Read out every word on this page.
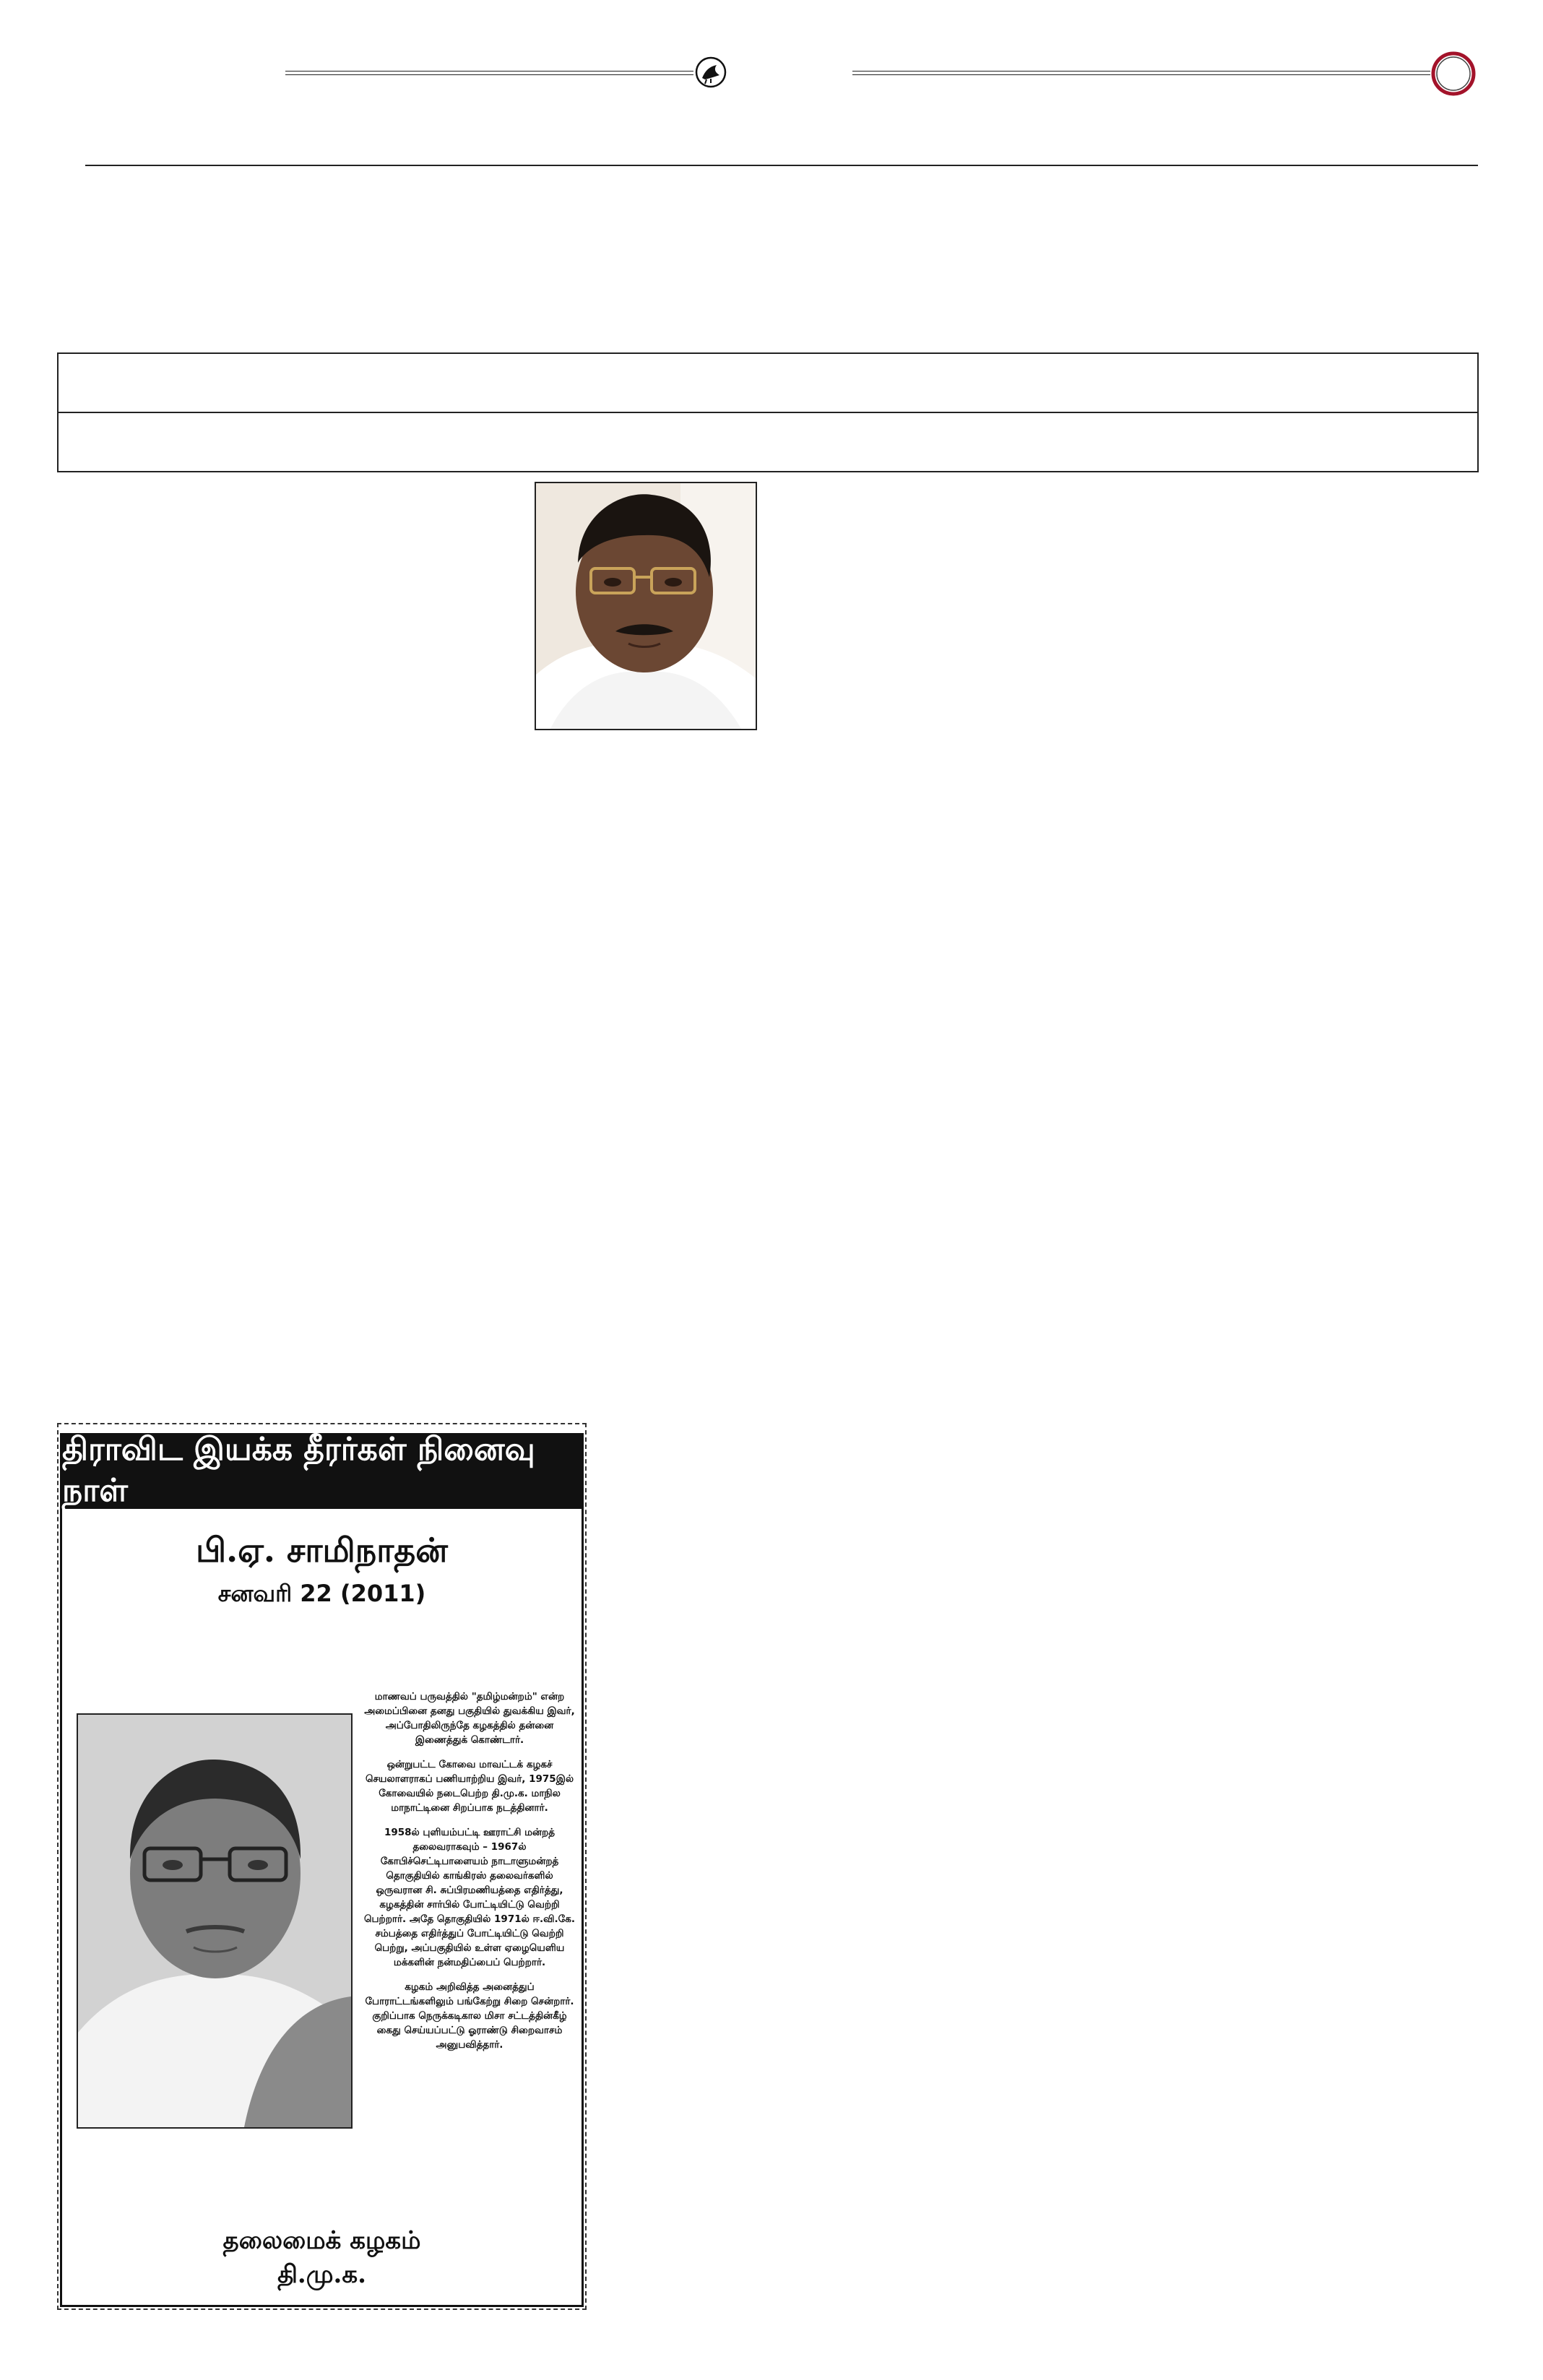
திராவிட இயக்க தீரர்கள் நினைவு நாள்
பி.ஏ. சாமிநாதன்
சனவரி 22 (2011)

மாணவப் பருவத்தில் "தமிழ்மன்றம்" என்ற அமைப்பினை தனது பகுதியில் துவக்கிய இவர், அப்போதிலிருந்தே கழகத்தில் தன்னை இணைத்துக் கொண்டார்.

ஒன்றுபட்ட கோவை மாவட்டக் கழகச் செயலாளராகப் பணியாற்றிய இவர், 1975இல் கோவையில் நடைபெற்ற தி.மு.க. மாநில மாநாட்டினை சிறப்பாக நடத்தினார்.

1958ல் புளியம்பட்டி ஊராட்சி மன்றத் தலைவராகவும் – 1967ல் கோபிச்செட்டிபாளையம் நாடாளுமன்றத் தொகுதியில் காங்கிரஸ் தலைவர்களில் ஒருவரான சி. சுப்பிரமணியத்தை எதிர்த்து, கழகத்தின் சார்பில் போட்டியிட்டு வெற்றி பெற்றார். அதே தொகுதியில் 1971ல் ஈ.வி.கே. சம்பத்தை எதிர்த்துப் போட்டியிட்டு வெற்றி பெற்று, அப்பகுதியில் உள்ள ஏழையெளிய மக்களின் நன்மதிப்பைப் பெற்றார்.

கழகம் அறிவித்த அனைத்துப் போராட்டங்களிலும் பங்கேற்று சிறை சென்றார். குறிப்பாக நெருக்கடிகால மிசா சட்டத்தின்கீழ் கைது செய்யப்பட்டு ஓராண்டு சிறைவாசம் அனுபவித்தார்.

தலைமைக் கழகம்
தி.மு.க.
